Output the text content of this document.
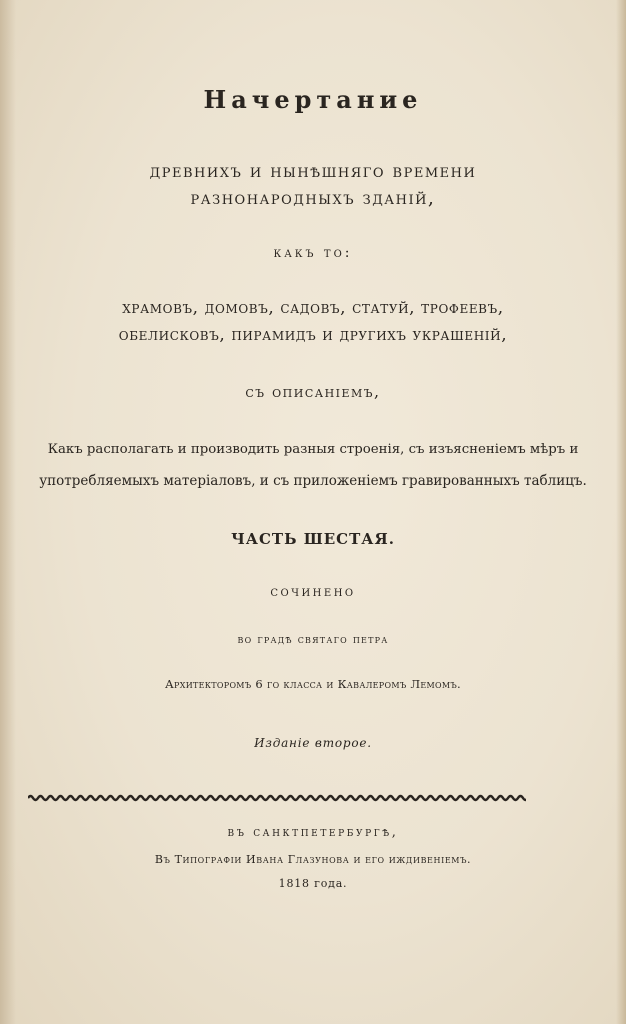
Начертание
древнихъ и нынѣшняго времени
разнонародныхъ зданій,
какъ то:
храмовъ, домовъ, садовъ, статуй, трофеевъ,
обелисковъ, пирамидъ и другихъ украшеній,
съ описаніемъ,
Какъ располагать и производить разныя строенія, съ изъясненіемъ мѣръ и
употребляемыхъ матеріаловъ, и съ приложеніемъ гравированныхъ таблицъ.
ЧАСТЬ ШЕСТАЯ.
сочинено
во градѣ святаго петра
Архитекторомъ 6 го класса и Кавалеромъ Лемомъ.
Изданіе второе.
въ санктпетербургѣ,
Въ Типографіи Ивана Глазунова и его иждивеніемъ.
1818 года.
